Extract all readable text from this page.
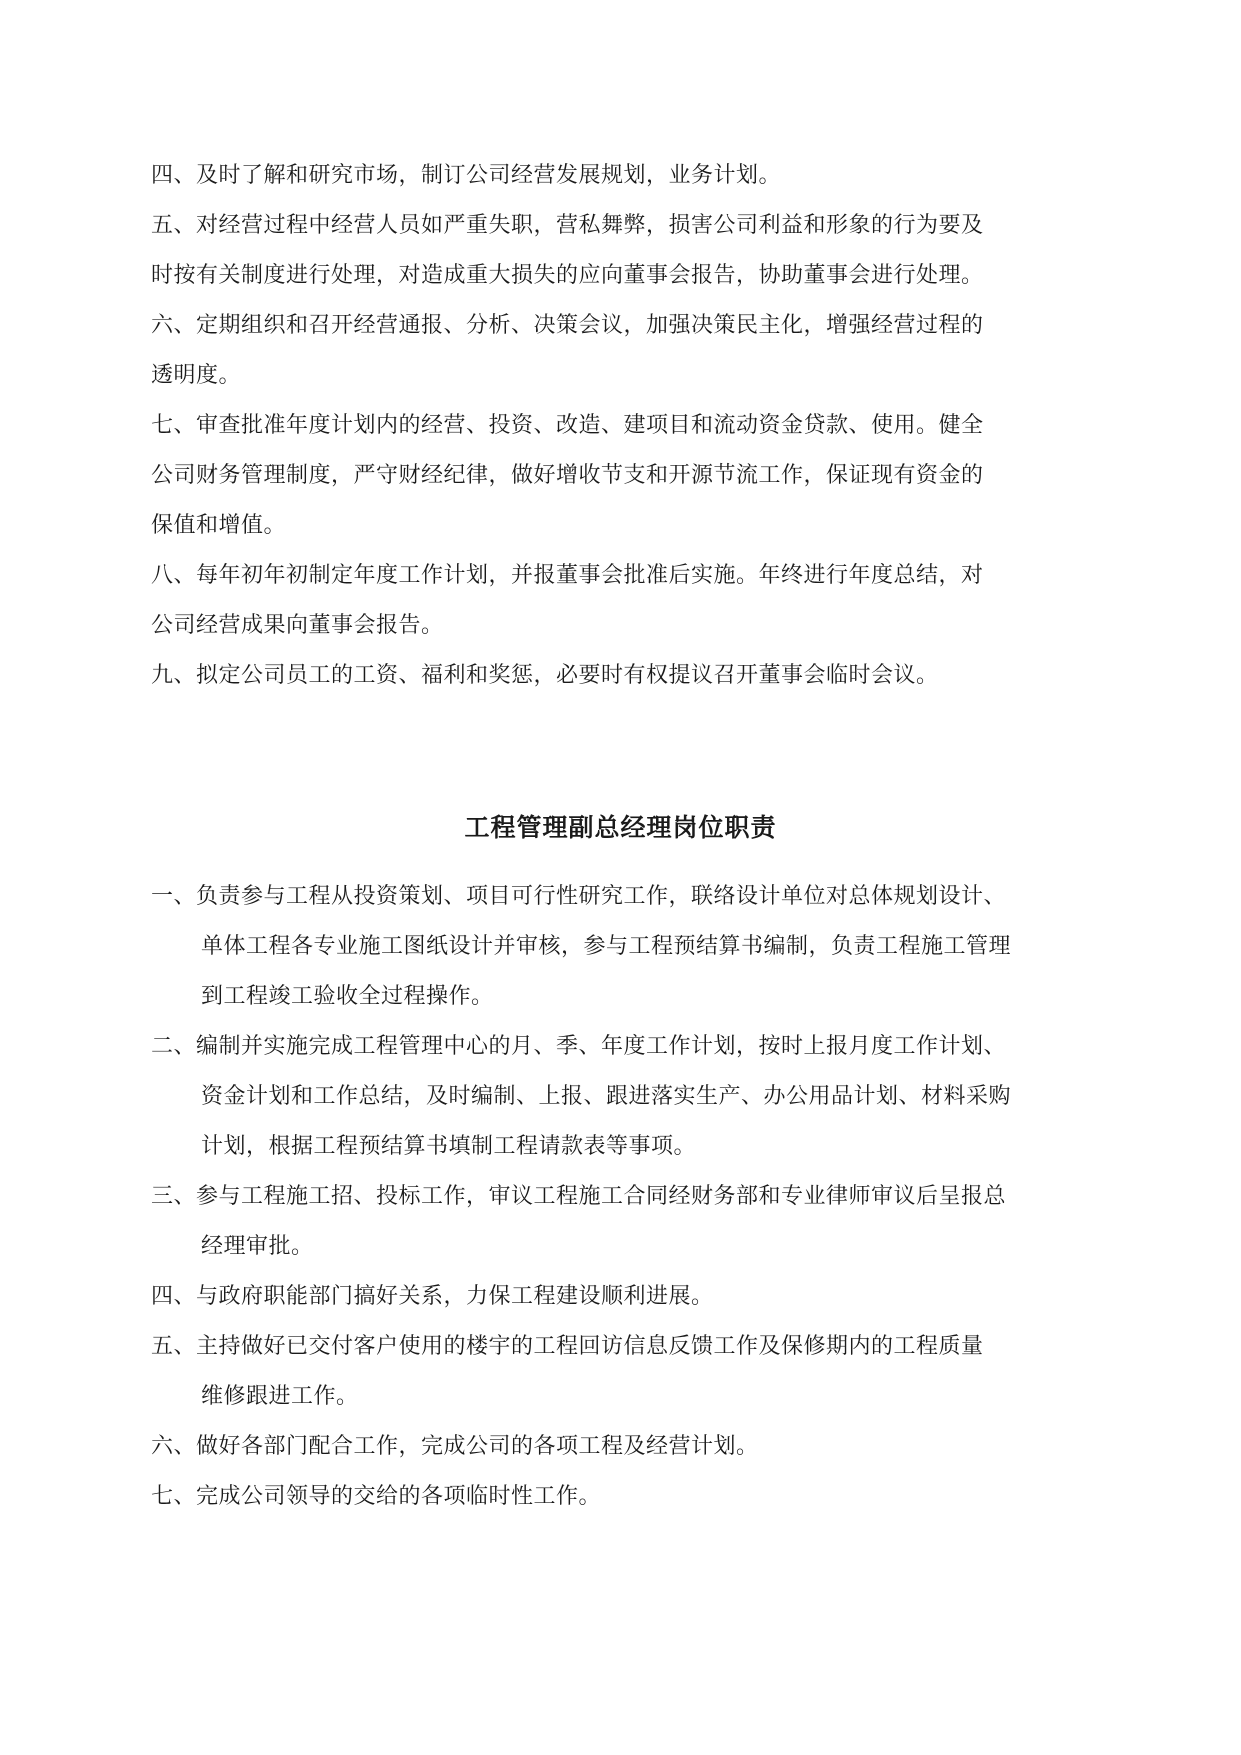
四、及时了解和研究市场，制订公司经营发展规划，业务计划。
五、对经营过程中经营人员如严重失职，营私舞弊，损害公司利益和形象的行为要及
时按有关制度进行处理，对造成重大损失的应向董事会报告，协助董事会进行处理。
六、定期组织和召开经营通报、分析、决策会议，加强决策民主化，增强经营过程的
透明度。
七、审查批准年度计划内的经营、投资、改造、建项目和流动资金贷款、使用。健全
公司财务管理制度，严守财经纪律，做好增收节支和开源节流工作，保证现有资金的
保值和增值。
八、每年初年初制定年度工作计划，并报董事会批准后实施。年终进行年度总结，对
公司经营成果向董事会报告。
九、拟定公司员工的工资、福利和奖惩，必要时有权提议召开董事会临时会议。
工程管理副总经理岗位职责
一、负责参与工程从投资策划、项目可行性研究工作，联络设计单位对总体规划设计、
单体工程各专业施工图纸设计并审核，参与工程预结算书编制，负责工程施工管理
到工程竣工验收全过程操作。
二、编制并实施完成工程管理中心的月、季、年度工作计划，按时上报月度工作计划、
资金计划和工作总结，及时编制、上报、跟进落实生产、办公用品计划、材料采购
计划，根据工程预结算书填制工程请款表等事项。
三、参与工程施工招、投标工作，审议工程施工合同经财务部和专业律师审议后呈报总
经理审批。
四、与政府职能部门搞好关系，力保工程建设顺利进展。
五、主持做好已交付客户使用的楼宇的工程回访信息反馈工作及保修期内的工程质量
维修跟进工作。
六、做好各部门配合工作，完成公司的各项工程及经营计划。
七、完成公司领导的交给的各项临时性工作。
